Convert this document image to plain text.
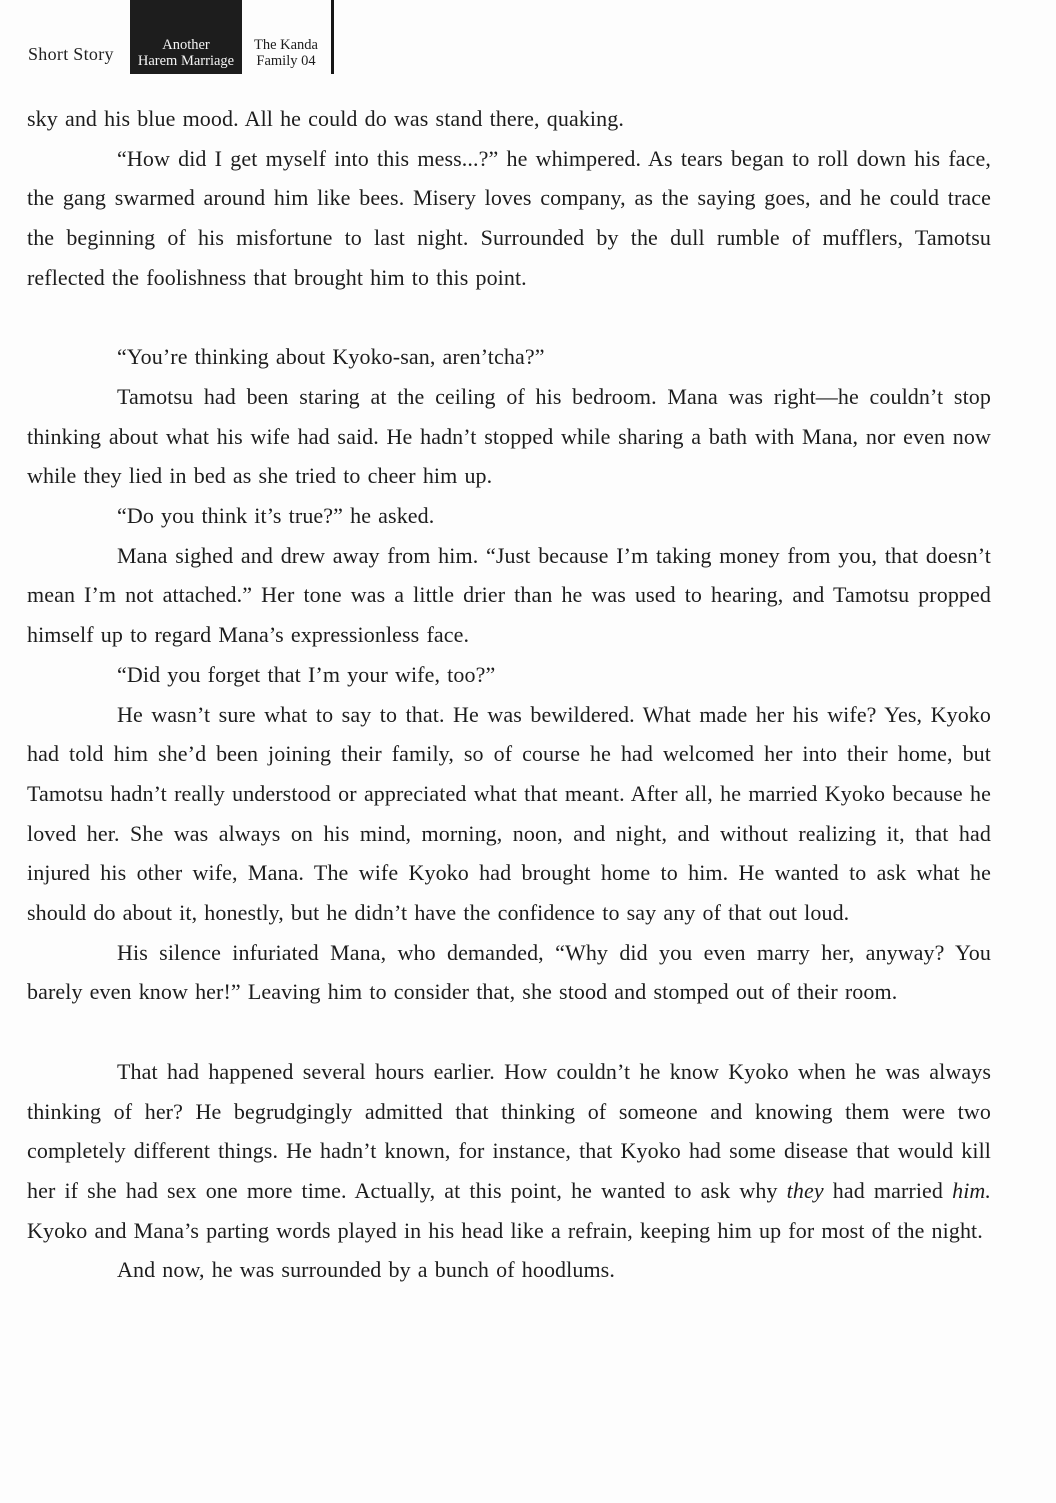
Short Story	Another
Harem Marriage
The Kanda
Family 04

sky and his blue mood. All he could do was stand there, quaking.

“How did I get myself into this mess...?” he whimpered. As tears began to roll down his face, the gang swarmed around him like bees. Misery loves company, as the saying goes, and he could trace the beginning of his misfortune to last night. Surrounded by the dull rumble of mufflers, Tamotsu reflected the foolishness that brought him to this point.

“You’re thinking about Kyoko-san, aren’tcha?”

Tamotsu had been staring at the ceiling of his bedroom. Mana was right—he couldn’t stop thinking about what his wife had said. He hadn’t stopped while sharing a bath with Mana, nor even now while they lied in bed as she tried to cheer him up.

“Do you think it’s true?” he asked.

Mana sighed and drew away from him. “Just because I’m taking money from you, that doesn’t mean I’m not attached.” Her tone was a little drier than he was used to hearing, and Tamotsu propped himself up to regard Mana’s expressionless face.

“Did you forget that I’m your wife, too?”

He wasn’t sure what to say to that. He was bewildered. What made her his wife? Yes, Kyoko had told him she’d been joining their family, so of course he had welcomed her into their home, but Tamotsu hadn’t really understood or appreciated what that meant. After all, he married Kyoko because he loved her. She was always on his mind, morning, noon, and night, and without realizing it, that had injured his other wife, Mana. The wife Kyoko had brought home to him. He wanted to ask what he should do about it, honestly, but he didn’t have the confidence to say any of that out loud.

His silence infuriated Mana, who demanded, “Why did you even marry her, anyway? You barely even know her!” Leaving him to consider that, she stood and stomped out of their room.

That had happened several hours earlier. How couldn’t he know Kyoko when he was always thinking of her? He begrudgingly admitted that thinking of someone and knowing them were two completely different things. He hadn’t known, for instance, that Kyoko had some disease that would kill her if she had sex one more time. Actually, at this point, he wanted to ask why they had married him. Kyoko and Mana’s parting words played in his head like a refrain, keeping him up for most of the night.

And now, he was surrounded by a bunch of hoodlums.
